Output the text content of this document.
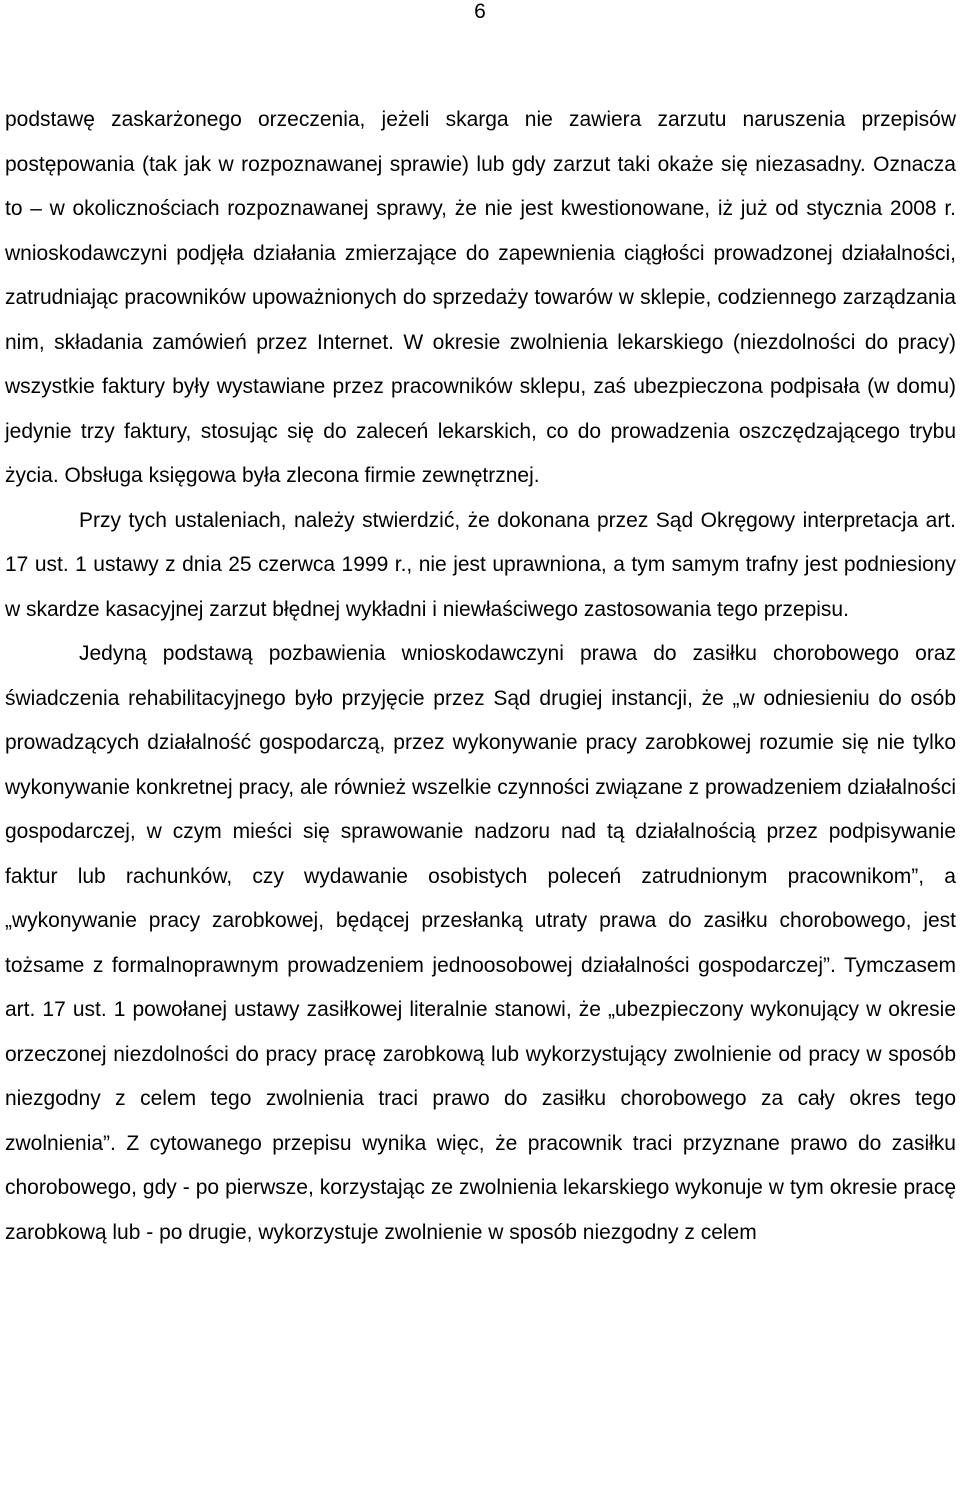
6

podstawę zaskarżonego orzeczenia, jeżeli skarga nie zawiera zarzutu naruszenia przepisów postępowania (tak jak w rozpoznawanej sprawie) lub gdy zarzut taki okaże się niezasadny. Oznacza to – w okolicznościach rozpoznawanej sprawy, że nie jest kwestionowane, iż już od stycznia 2008 r. wnioskodawczyni podjęła działania zmierzające do zapewnienia ciągłości prowadzonej działalności, zatrudniając pracowników upoważnionych do sprzedaży towarów w sklepie, codziennego zarządzania nim, składania zamówień przez Internet. W okresie zwolnienia lekarskiego (niezdolności do pracy) wszystkie faktury były wystawiane przez pracowników sklepu, zaś ubezpieczona podpisała (w domu) jedynie trzy faktury, stosując się do zaleceń lekarskich, co do prowadzenia oszczędzającego trybu życia. Obsługa księgowa była zlecona firmie zewnętrznej.

Przy tych ustaleniach, należy stwierdzić, że dokonana przez Sąd Okręgowy interpretacja art. 17 ust. 1 ustawy z dnia 25 czerwca 1999 r., nie jest uprawniona, a tym samym trafny jest podniesiony w skardze kasacyjnej zarzut błędnej wykładni i niewłaściwego zastosowania tego przepisu.

Jedyną podstawą pozbawienia wnioskodawczyni prawa do zasiłku chorobowego oraz świadczenia rehabilitacyjnego było przyjęcie przez Sąd drugiej instancji, że „w odniesieniu do osób prowadzących działalność gospodarczą, przez wykonywanie pracy zarobkowej rozumie się nie tylko wykonywanie konkretnej pracy, ale również wszelkie czynności związane z prowadzeniem działalności gospodarczej, w czym mieści się sprawowanie nadzoru nad tą działalnością przez podpisywanie faktur lub rachunków, czy wydawanie osobistych poleceń zatrudnionym pracownikom”, a „wykonywanie pracy zarobkowej, będącej przesłanką utraty prawa do zasiłku chorobowego, jest tożsame z formalnoprawnym prowadzeniem jednoosobowej działalności gospodarczej”. Tymczasem art. 17 ust. 1 powołanej ustawy zasiłkowej literalnie stanowi, że „ubezpieczony wykonujący w okresie orzeczonej niezdolności do pracy pracę zarobkową lub wykorzystujący zwolnienie od pracy w sposób niezgodny z celem tego zwolnienia traci prawo do zasiłku chorobowego za cały okres tego zwolnienia”. Z cytowanego przepisu wynika więc, że pracownik traci przyznane prawo do zasiłku chorobowego, gdy - po pierwsze, korzystając ze zwolnienia lekarskiego wykonuje w tym okresie pracę zarobkową lub - po drugie, wykorzystuje zwolnienie w sposób niezgodny z celem
